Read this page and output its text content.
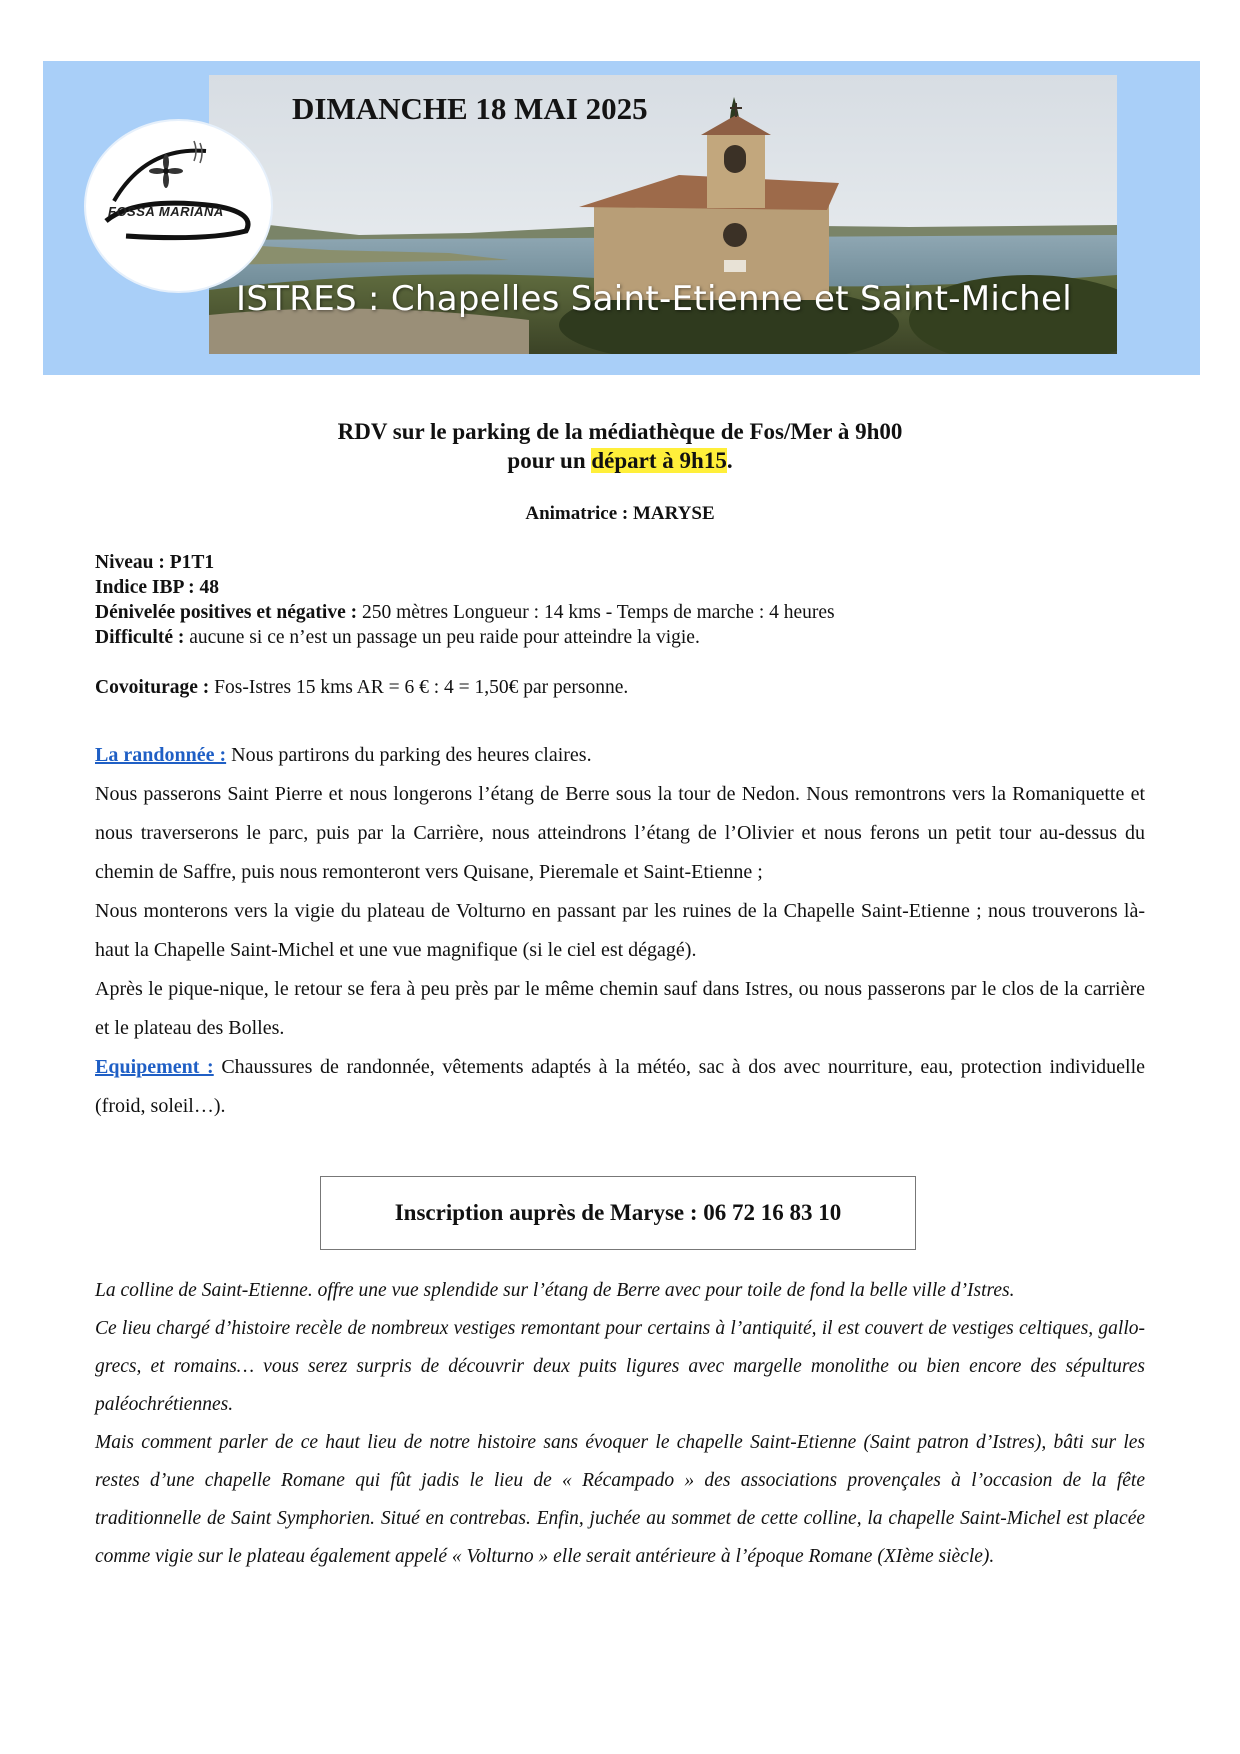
DIMANCHE 18 MAI 2025
ISTRES : Chapelles Saint-Etienne et Saint-Michel
FOSSA MARIANA
RDV sur le parking de la médiathèque de Fos/Mer à 9h00
pour un départ à 9h15.
Animatrice : MARYSE
Niveau : P1T1
Indice IBP : 48
Dénivelée positives et négative : 250 mètres Longueur : 14 kms - Temps de marche : 4 heures
Difficulté : aucune si ce n’est un passage un peu raide pour atteindre la vigie.
Covoiturage : Fos-Istres 15 kms AR = 6 € : 4 = 1,50€ par personne.
La randonnée : Nous partirons du parking des heures claires.
Nous passerons Saint Pierre et nous longerons l’étang de Berre sous la tour de Nedon. Nous remontrons vers la Romaniquette et nous traverserons le parc, puis par la Carrière, nous atteindrons l’étang de l’Olivier et nous ferons un petit tour au-dessus du chemin de Saffre, puis nous remonteront vers Quisane, Pieremale et Saint-Etienne ;
Nous monterons vers la vigie du plateau de Volturno en passant par les ruines de la Chapelle Saint-Etienne ; nous trouverons là-haut la Chapelle Saint-Michel et une vue magnifique (si le ciel est dégagé).
Après le pique-nique, le retour se fera à peu près par le même chemin sauf dans Istres, ou nous passerons par le clos de la carrière et le plateau des Bolles.
Equipement : Chaussures de randonnée, vêtements adaptés à la météo, sac à dos avec nourriture, eau, protection individuelle (froid, soleil…).
Inscription auprès de Maryse : 06 72 16 83 10
La colline de Saint-Etienne. offre une vue splendide sur l’étang de Berre avec pour toile de fond la belle ville d’Istres.
Ce lieu chargé d’histoire recèle de nombreux vestiges remontant pour certains à l’antiquité, il est couvert de vestiges celtiques, gallo-grecs, et romains… vous serez surpris de découvrir deux puits ligures avec margelle monolithe ou bien encore des sépultures paléochrétiennes.
Mais comment parler de ce haut lieu de notre histoire sans évoquer le chapelle Saint-Etienne (Saint patron d’Istres), bâti sur les restes d’une chapelle Romane qui fût jadis le lieu de « Récampado » des associations provençales à l’occasion de la fête traditionnelle de Saint Symphorien. Situé en contrebas. Enfin, juchée au sommet de cette colline, la chapelle Saint-Michel est placée comme vigie sur le plateau également appelé « Volturno » elle serait antérieure à l’époque Romane (XIème siècle).
